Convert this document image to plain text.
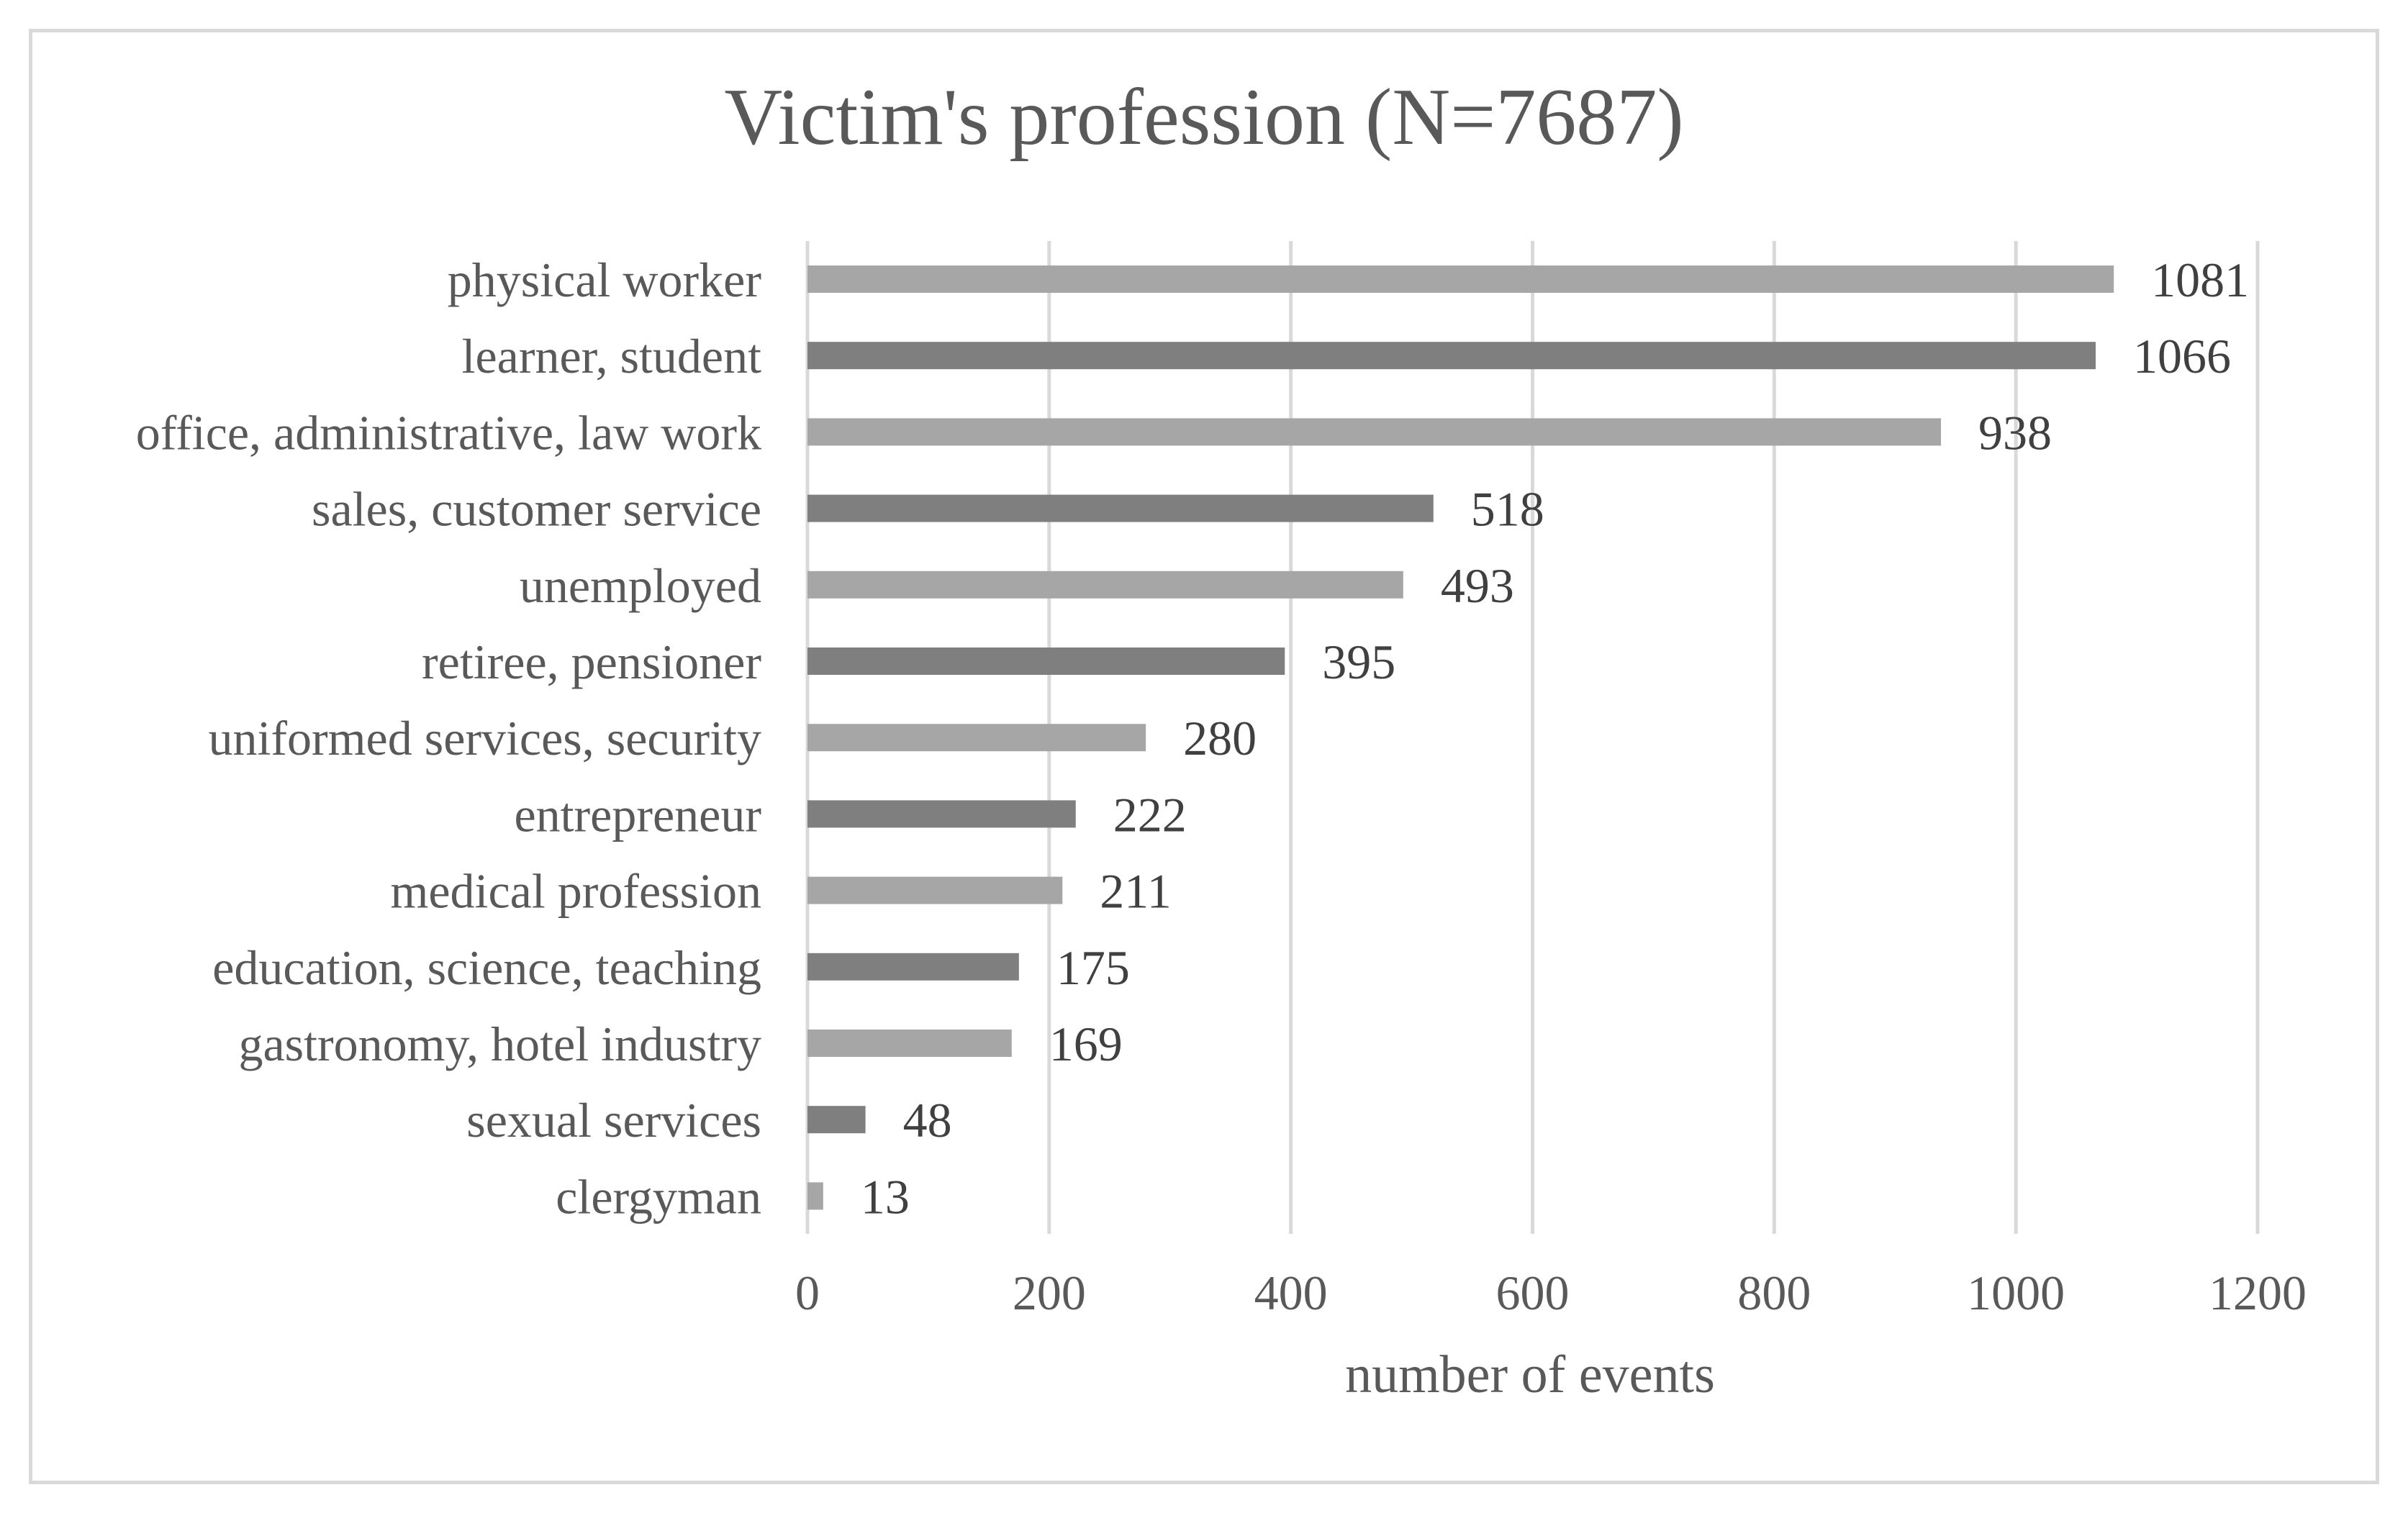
Victim's profession (N=7687)
physical worker
learner, student
office, administrative, law work
sales, customer service
unemployed
retiree, pensioner
uniformed services, security
entrepreneur
medical profession
education, science, teaching
gastronomy, hotel industry
sexual services
clergyman
1081
1066
938
518
493
395
280
222
211
175
169
48
13
0	200	400	600	800	1000	1200
number of events
